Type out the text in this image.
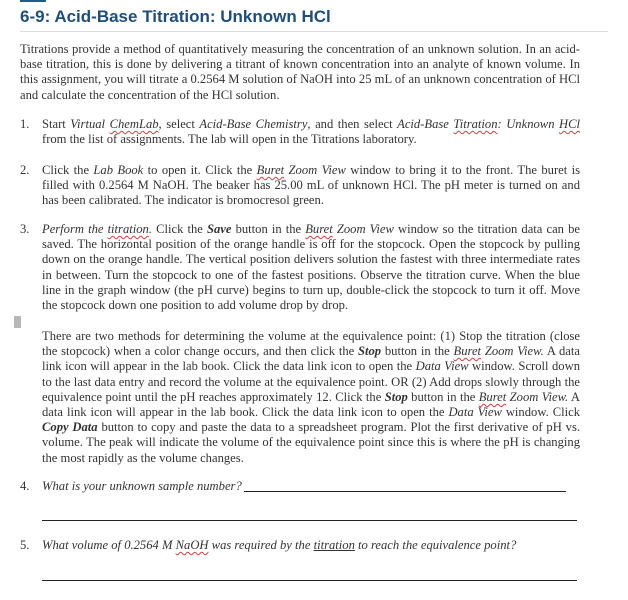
6-9: Acid-Base Titration: Unknown HCl

Titrations provide a method of quantitatively measuring the concentration of an unknown solution. In an acid-base titration, this is done by delivering a titrant of known concentration into an analyte of known volume. In this assignment, you will titrate a 0.2564 M solution of NaOH into 25 mL of an unknown concentration of HCl and calculate the concentration of the HCl solution.

1. Start Virtual ChemLab, select Acid-Base Chemistry, and then select Acid-Base Titration: Unknown HCl from the list of assignments. The lab will open in the Titrations laboratory.
2. Click the Lab Book to open it. Click the Buret Zoom View window to bring it to the front. The buret is filled with 0.2564 M NaOH. The beaker has 25.00 mL of unknown HCl. The pH meter is turned on and has been calibrated. The indicator is bromocresol green.
3. Perform the titration. Click the Save button in the Buret Zoom View window so the titration data can be saved. The horizontal position of the orange handle is off for the stopcock. Open the stopcock by pulling down on the orange handle. The vertical position delivers solution the fastest with three intermediate rates in between. Turn the stopcock to one of the fastest positions. Observe the titration curve. When the blue line in the graph window (the pH curve) begins to turn up, double-click the stopcock to turn it off. Move the stopcock down one position to add volume drop by drop.
There are two methods for determining the volume at the equivalence point: (1) Stop the titration (close the stopcock) when a color change occurs, and then click the Stop button in the Buret Zoom View. A data link icon will appear in the lab book. Click the data link icon to open the Data View window. Scroll down to the last data entry and record the volume at the equivalence point. OR (2) Add drops slowly through the equivalence point until the pH reaches approximately 12. Click the Stop button in the Buret Zoom View. A data link icon will appear in the lab book. Click the data link icon to open the Data View window. Click Copy Data button to copy and paste the data to a spreadsheet program. Plot the first derivative of pH vs. volume. The peak will indicate the volume of the equivalence point since this is where the pH is changing the most rapidly as the volume changes.
4. What is your unknown sample number?
5. What volume of 0.2564 M NaOH was required by the titration to reach the equivalence point?
